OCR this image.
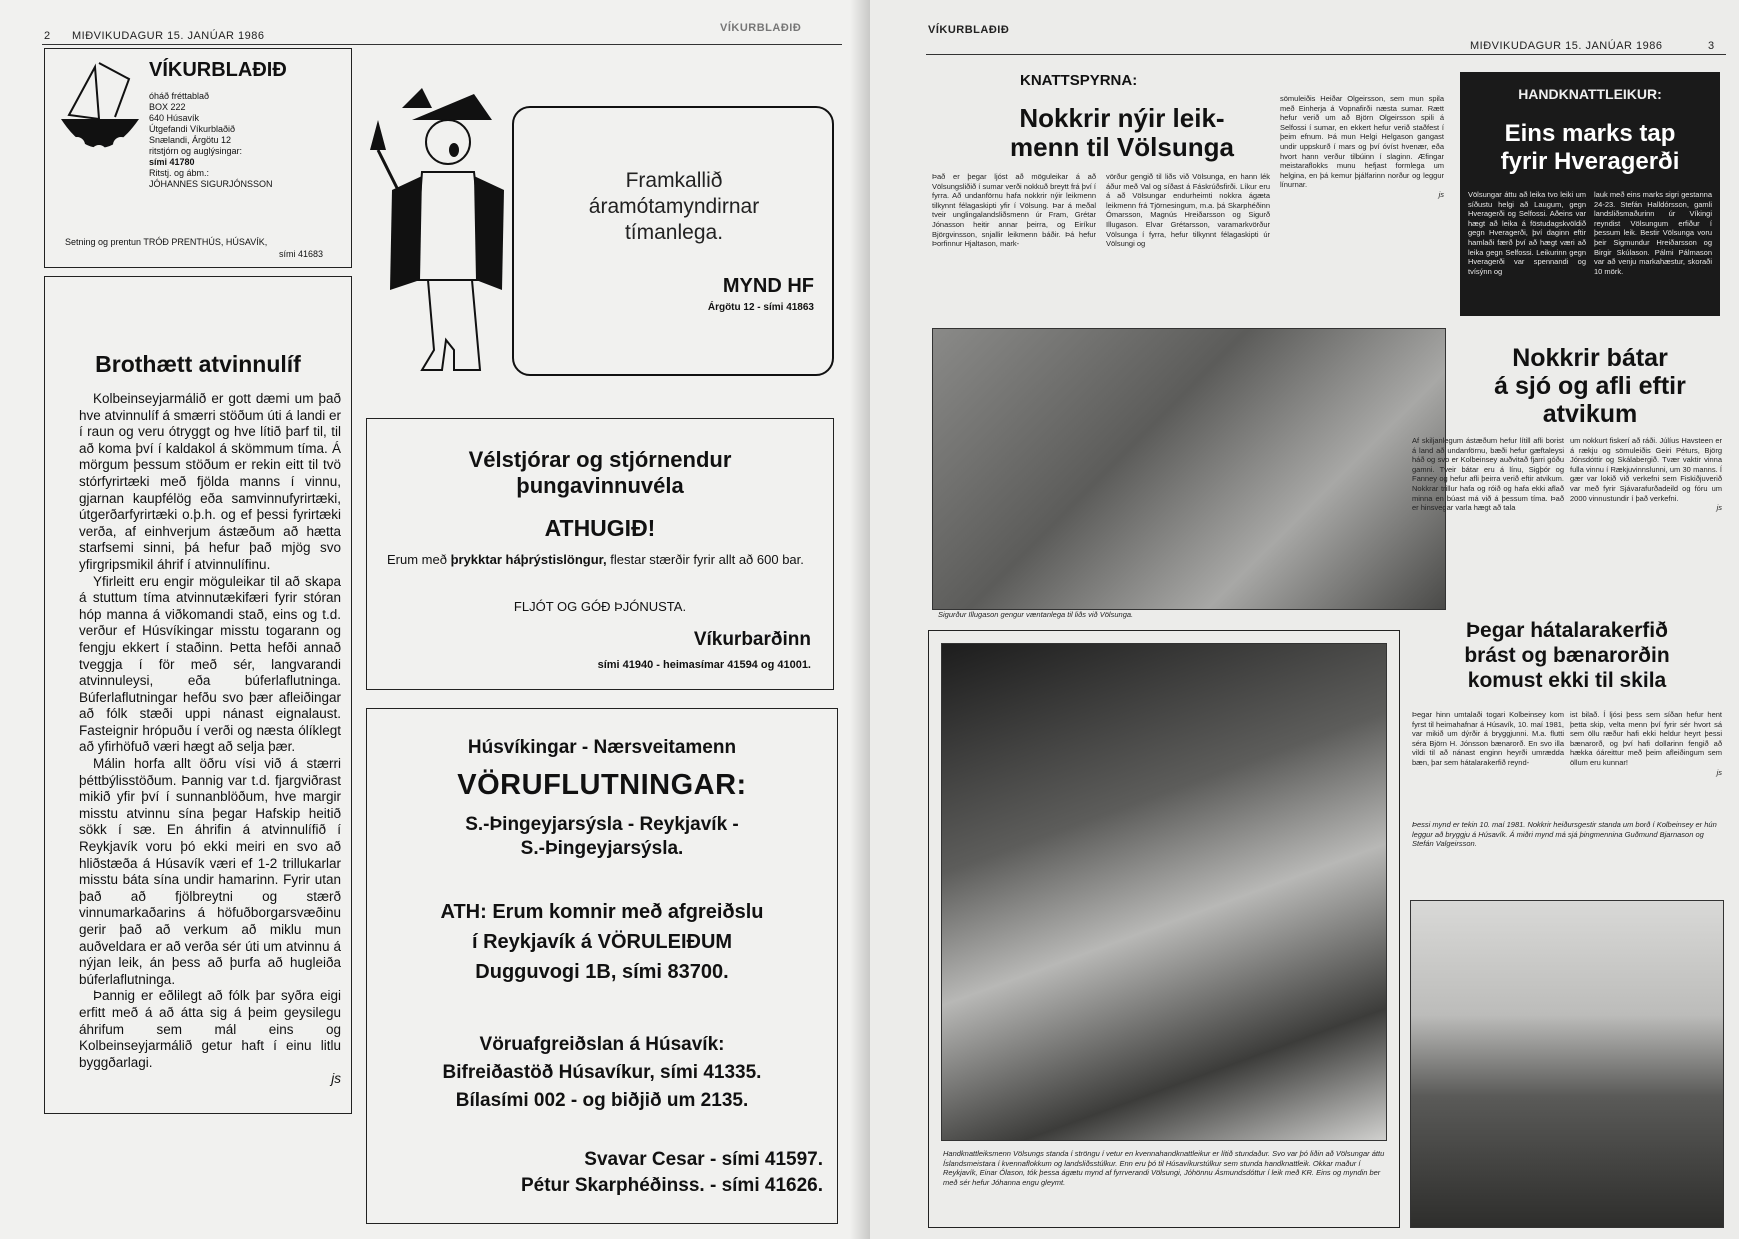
2 MIÐVIKUDAGUR 15. JANÚAR 1986
VÍKURBLAÐIÐ
VÍKURBLAÐIÐ
óháð fréttablað
BOX 222
640 Húsavík
Útgefandi Víkurblaðið
Snælandi, Árgötu 12
ritstjórn og auglýsingar:
sími 41780
Ritstj. og ábm.:
JÓHANNES SIGURJÓNSSON
Setning og prentun TRÓÐ PRENTHÚS, HÚSAVÍK,
sími 41683
Brothætt atvinnulíf

Kolbeinseyjarmálið er gott dæmi um það hve atvinnulíf á smærri stöðum úti á landi er í raun og veru ótryggt og hve lítið þarf til, til að koma því í kaldakol á skömmum tíma. Á mörgum þessum stöðum er rekin eitt til tvö stórfyrirtæki með fjölda manns í vinnu, gjarnan kaupfélög eða samvinnufyrirtæki, útgerðarfyrirtæki o.þ.h. og ef þessi fyrirtæki verða, af einhverjum ástæðum að hætta starfsemi sinni, þá hefur það mjög svo yfirgripsmikil áhrif í atvinnulífinu.

Yfirleitt eru engir möguleikar til að skapa á stuttum tíma atvinnutækifæri fyrir stóran hóp manna á viðkomandi stað, eins og t.d. verður ef Húsvíkingar misstu togarann og fengju ekkert í staðinn. Þetta hefði annað tveggja í för með sér, langvarandi atvinnuleysi, eða búferlaflutninga. Búferlaflutningar hefðu svo þær afleiðingar að fólk stæði uppi nánast eignalaust. Fasteignir hrópuðu í verði og næsta ólíklegt að yfirhöfuð væri hægt að selja þær.

Málin horfa allt öðru vísi við á stærri þéttbýlisstöðum. Þannig var t.d. fjargviðrast mikið yfir því í sunnanblöðum, hve margir misstu atvinnu sína þegar Hafskip heitið sökk í sæ. En áhrifin á atvinnulífið í Reykjavík voru þó ekki meiri en svo að hliðstæða á Húsavík væri ef 1-2 trillukarlar misstu báta sína undir hamarinn. Fyrir utan það að fjölbreytni og stærð vinnumarkaðarins á höfuðborgarsvæðinu gerir það að verkum að miklu mun auðveldara er að verða sér úti um atvinnu á nýjan leik, án þess að þurfa að hugleiða búferlaflutninga.

Þannig er eðlilegt að fólk þar syðra eigi erfitt með á að átta sig á þeim geysilegu áhrifum sem mál eins og Kolbeinseyjarmálið getur haft í einu litlu byggðarlagi.

js
Framkallið
áramótamyndirnar
tímanlega.
MYND HF
Árgötu 12 - sími 41863
Vélstjórar og stjórnendur
þungavinnuvéla
ATHUGIÐ!
Erum með þrykktar háþrýstislöngur, flestar stærðir fyrir allt að 600 bar.
FLJÓT OG GÓÐ ÞJÓNUSTA.
Víkurbarðinn
sími 41940 - heimasímar 41594 og 41001.
Húsvíkingar - Nærsveitamenn
VÖRUFLUTNINGAR:
S.-Þingeyjarsýsla - Reykjavík -
S.-Þingeyjarsýsla.
ATH: Erum komnir með afgreiðslu
í Reykjavík á VÖRULEIÐUM
Dugguvogi 1B, sími 83700.
Vöruafgreiðslan á Húsavík:
Bifreiðastöð Húsavíkur, sími 41335.
Bílasími 002 - og biðjið um 2135.
Svavar Cesar - sími 41597.
Pétur Skarphéðinss. - sími 41626.
VÍKURBLAÐIÐ
MIÐVIKUDAGUR 15. JANÚAR 1986	3
KNATTSPYRNA:
Nokkrir nýir leik-
menn til Völsunga
Það er þegar ljóst að möguleikar á að Völsungsliðið í sumar verði nokkuð breytt frá því í fyrra. Að undanförnu hafa nokkrir nýir leikmenn tilkynnt félagaskipti yfir í Völsung. Þar á meðal tveir unglingalandsliðsmenn úr Fram, Grétar Jónasson heitir annar þeirra, og Eiríkur Björgvinsson, snjallir leikmenn báðir. Þá hefur Þorfinnur Hjaltason, mark-
vörður gengið til liðs við Völsunga, en hann lék áður með Val og síðast á Fáskrúðsfirði. Líkur eru á að Völsungar endurheimti nokkra ágæta leikmenn frá Tjörnesingum, m.a. þá Skarphéðinn Ómarsson, Magnús Hreiðarsson og Sigurð Illugason. Elvar Grétarsson, varamarkvörður Völsunga í fyrra, hefur tilkynnt félagaskipti úr Völsungi og
sömuleiðis Heiðar Olgeirsson, sem mun spila með Einherja á Vopnafirði næsta sumar. Rætt hefur verið um að Björn Olgeirsson spili á Selfossi í sumar, en ekkert hefur verið staðfest í þeim efnum. Þá mun Helgi Helgason gangast undir uppskurð í mars og því óvíst hvenær, eða hvort hann verður tilbúinn í slaginn. Æfingar meistaraflokks munu hefjast formlega um helgina, en þá kemur þjálfarinn norður og leggur línurnar.
js
Sigurður Illugason gengur væntanlega til liðs við Völsunga.
HANDKNATTLEIKUR:
Eins marks tap
fyrir Hveragerði
Völsungar áttu að leika tvo leiki um síðustu helgi að Laugum, gegn Hveragerði og Selfossi. Aðeins var hægt að leika á föstudagskvöldið gegn Hveragerði, því daginn eftir hamlaði færð því að hægt væri að leika gegn Selfossi. Leikurinn gegn Hveragerði var spennandi og tvísýnn og
lauk með eins marks sigri gestanna 24-23. Stefán Halldórsson, gamli landsliðsmaðurinn úr Víkingi reyndist Völsungum erfiður í þessum leik. Bestir Völsunga voru þeir Sigmundur Hreiðarsson og Birgir Skúlason. Pálmi Pálmason var að venju markahæstur, skoraði 10 mörk.
Nokkrir bátar
á sjó og afli eftir
atvikum
Af skiljanlegum ástæðum hefur lítill afli borist á land að undanförnu, bæði hefur gæftaleysi háð og svo er Kolbeinsey auðvitað fjarri góðu gamni. Tveir bátar eru á línu, Sigþór og Fanney og hefur afli þeirra verið eftir atvikum. Nokkrar trillur hafa og róið og hafa ekki aflað minna en búast má við á þessum tíma. Það er hinsvegar varla hægt að tala
um nokkurt fiskerí að ráði. Júlíus Havsteen er á rækju og sömuleiðis Geiri Péturs, Björg Jónsdóttir og Skálabergið. Tvær vaktir vinna fulla vinnu í Rækjuvinnslunni, um 30 manns. Í gær var lokið við verkefni sem Fiskiðjuverið var með fyrir Sjávarafurðadeild og fóru um 2000 vinnustundir í það verkefni.
js
Þegar hátalarakerfið
brást og bænarorðin
komust ekki til skila
Þegar hinn umtalaði togari Kolbeinsey kom fyrst til heimahafnar á Húsavík, 10. maí 1981, var mikið um dýrðir á bryggjunni. M.a. flutti séra Björn H. Jónsson bænarorð. En svo illa vildi til að nánast enginn heyrði umrædda bæn, þar sem hátalarakerfið reynd-
ist bilað. Í ljósi þess sem síðan hefur hent þetta skip, velta menn því fyrir sér hvort sá sem öllu ræður hafi ekki heldur heyrt þessi bænarorð, og því hafi dollarinn fengið að hækka óáreittur með þeim afleiðingum sem öllum eru kunnar!
js
Þessi mynd er tekin 10. maí 1981. Nokkrir heiðursgestir standa um borð í Kolbeinsey er hún leggur að bryggju á Húsavík. Á miðri mynd má sjá þingmennina Guðmund Bjarnason og Stefán Valgeirsson.
Handknattleiksmenn Völsungs standa í ströngu í vetur en kvennahandknattleikur er lítið stundaður. Svo var þó liðin að Völsungar áttu Íslandsmeistara í kvennaflokkum og landsliðsstúlkur. Enn eru þó til Húsavíkurstúlkur sem stunda handknattleik. Okkar maður í Reykjavík, Einar Ólason, tók þessa ágætu mynd af fyrrverandi Völsungi, Jóhönnu Ásmundsdóttur í leik með KR. Eins og myndin ber með sér hefur Jóhanna engu gleymt.
